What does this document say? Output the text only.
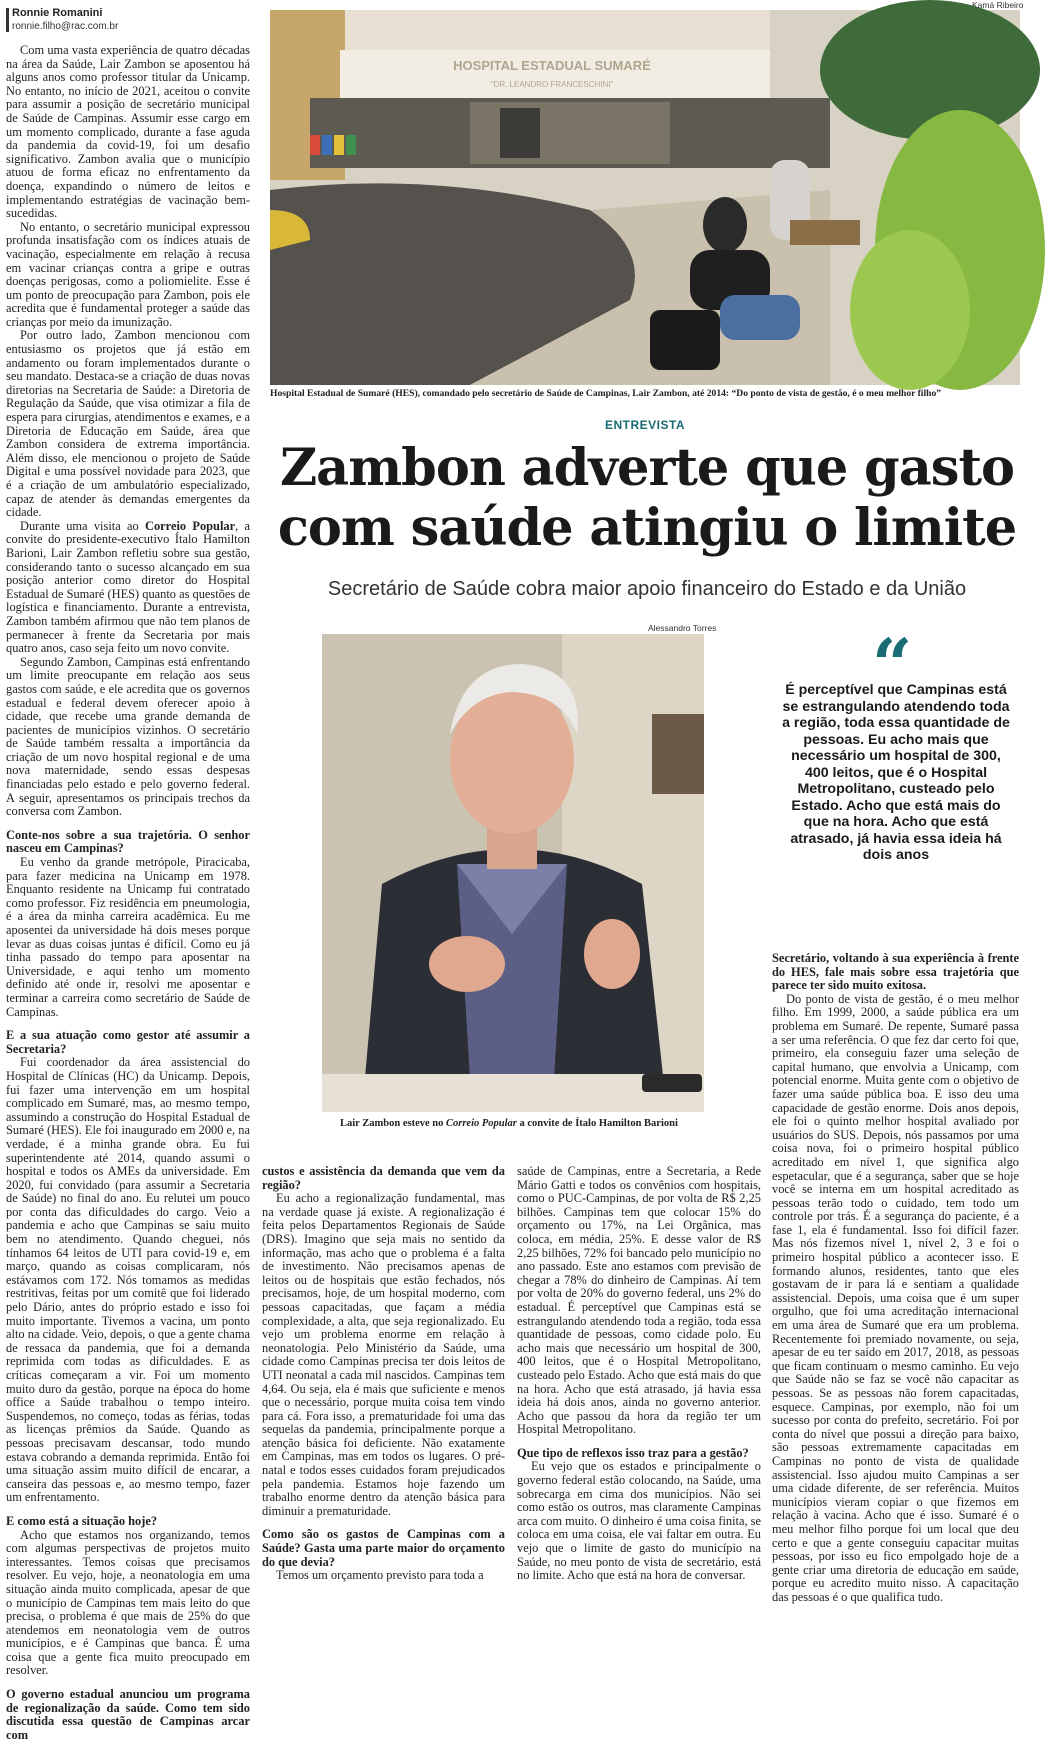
Ronnie Romanini
ronnie.filho@rac.com.br

Com uma vasta experiência de quatro décadas na área da Saúde, Lair Zambon se aposentou há alguns anos como professor titular da Unicamp. No entanto, no início de 2021, aceitou o convite para assumir a posição de secretário municipal de Saúde de Campinas. Assumir esse cargo em um momento complicado, durante a fase aguda da pandemia da covid-19, foi um desafio significativo. Zambon avalia que o município atuou de forma eficaz no enfrentamento da doença, expandindo o número de leitos e implementando estratégias de vacinação bem-sucedidas.

No entanto, o secretário municipal expressou profunda insatisfação com os índices atuais de vacinação, especialmente em relação à recusa em vacinar crianças contra a gripe e outras doenças perigosas, como a poliomielite. Esse é um ponto de preocupação para Zambon, pois ele acredita que é fundamental proteger a saúde das crianças por meio da imunização.

Por outro lado, Zambon mencionou com entusiasmo os projetos que já estão em andamento ou foram implementados durante o seu mandato. Destaca-se a criação de duas novas diretorias na Secretaria de Saúde: a Diretoria de Regulação da Saúde, que visa otimizar a fila de espera para cirurgias, atendimentos e exames, e a Diretoria de Educação em Saúde, área que Zambon considera de extrema importância. Além disso, ele mencionou o projeto de Saúde Digital e uma possível novidade para 2023, que é a criação de um ambulatório especializado, capaz de atender às demandas emergentes da cidade.

Durante uma visita ao Correio Popular, a convite do presidente-executivo Ítalo Hamilton Barioni, Lair Zambon refletiu sobre sua gestão, considerando tanto o sucesso alcançado em sua posição anterior como diretor do Hospital Estadual de Sumaré (HES) quanto as questões de logística e financiamento. Durante a entrevista, Zambon também afirmou que não tem planos de permanecer à frente da Secretaria por mais quatro anos, caso seja feito um novo convite.

Segundo Zambon, Campinas está enfrentando um limite preocupante em relação aos seus gastos com saúde, e ele acredita que os governos estadual e federal devem oferecer apoio à cidade, que recebe uma grande demanda de pacientes de municípios vizinhos. O secretário de Saúde também ressalta a importância da criação de um novo hospital regional e de uma nova maternidade, sendo essas despesas financiadas pelo estado e pelo governo federal. A seguir, apresentamos os principais trechos da conversa com Zambon.

Conte-nos sobre a sua trajetória. O senhor nasceu em Campinas?

Eu venho da grande metrópole, Piracicaba, para fazer medicina na Unicamp em 1978. Enquanto residente na Unicamp fui contratado como professor. Fiz residência em pneumologia, é a área da minha carreira acadêmica. Eu me aposentei da universidade há dois meses porque levar as duas coisas juntas é difícil. Como eu já tinha passado do tempo para aposentar na Universidade, e aqui tenho um momento definido até onde ir, resolvi me aposentar e terminar a carreira como secretário de Saúde de Campinas.

E a sua atuação como gestor até assumir a Secretaria?

Fui coordenador da área assistencial do Hospital de Clínicas (HC) da Unicamp. Depois, fui fazer uma intervenção em um hospital complicado em Sumaré, mas, ao mesmo tempo, assumindo a construção do Hospital Estadual de Sumaré (HES). Ele foi inaugurado em 2000 e, na verdade, é a minha grande obra. Eu fui superintendente até 2014, quando assumi o hospital e todos os AMEs da universidade. Em 2020, fui convidado (para assumir a Secretaria de Saúde) no final do ano. Eu relutei um pouco por conta das dificuldades do cargo. Veio a pandemia e acho que Campinas se saiu muito bem no atendimento. Quando cheguei, nós tínhamos 64 leitos de UTI para covid-19 e, em março, quando as coisas complicaram, nós estávamos com 172. Nós tomamos as medidas restritivas, feitas por um comitê que foi liderado pelo Dário, antes do próprio estado e isso foi muito importante. Tivemos a vacina, um ponto alto na cidade. Veio, depois, o que a gente chama de ressaca da pandemia, que foi a demanda reprimida com todas as dificuldades. E as críticas começaram a vir. Foi um momento muito duro da gestão, porque na época do home office a Saúde trabalhou o tempo inteiro. Suspendemos, no começo, todas as férias, todas as licenças prêmios da Saúde. Quando as pessoas precisavam descansar, todo mundo estava cobrando a demanda reprimida. Então foi uma situação assim muito difícil de encarar, a canseira das pessoas e, ao mesmo tempo, fazer um enfrentamento.

E como está a situação hoje?

Acho que estamos nos organizando, temos com algumas perspectivas de projetos muito interessantes. Temos coisas que precisamos resolver. Eu vejo, hoje, a neonatologia em uma situação ainda muito complicada, apesar de que o município de Campinas tem mais leito do que precisa, o problema é que mais de 25% do que atendemos em neonatologia vem de outros municípios, e é Campinas que banca. É uma coisa que a gente fica muito preocupado em resolver.

O governo estadual anunciou um programa de regionalização da saúde. Como tem sido discutida essa questão de Campinas arcar com

Kamá Ribeiro
HOSPITAL ESTADUAL SUMARÉ
"DR. LEANDRO FRANCESCHINI"
Hospital Estadual de Sumaré (HES), comandado pelo secretário de Saúde de Campinas, Lair Zambon, até 2014: “Do ponto de vista de gestão, é o meu melhor filho”
ENTREVISTA
Zambon adverte que gasto
com saúde atingiu o limite
Secretário de Saúde cobra maior apoio financeiro do Estado e da União
Alessandro Torres
Lair Zambon esteve no Correio Popular a convite de Ítalo Hamilton Barioni
“
É perceptível que Campinas está se estrangulando atendendo toda a região, toda essa quantidade de pessoas. Eu acho mais que necessário um hospital de 300, 400 leitos, que é o Hospital Metropolitano, custeado pelo Estado. Acho que está mais do que na hora. Acho que está atrasado, já havia essa ideia há dois anos

custos e assistência da demanda que vem da região?

Eu acho a regionalização fundamental, mas na verdade quase já existe. A regionalização é feita pelos Departamentos Regionais de Saúde (DRS). Imagino que seja mais no sentido da informação, mas acho que o problema é a falta de investimento. Não precisamos apenas de leitos ou de hospitais que estão fechados, nós precisamos, hoje, de um hospital moderno, com pessoas capacitadas, que façam a média complexidade, a alta, que seja regionalizado. Eu vejo um problema enorme em relação à neonatologia. Pelo Ministério da Saúde, uma cidade como Campinas precisa ter dois leitos de UTI neonatal a cada mil nascidos. Campinas tem 4,64. Ou seja, ela é mais que suficiente e menos que o necessário, porque muita coisa tem vindo para cá. Fora isso, a prematuridade foi uma das sequelas da pandemia, principalmente porque a atenção básica foi deficiente. Não exatamente em Campinas, mas em todos os lugares. O pré-natal e todos esses cuidados foram prejudicados pela pandemia. Estamos hoje fazendo um trabalho enorme dentro da atenção básica para diminuir a prematuridade.

Como são os gastos de Campinas com a Saúde? Gasta uma parte maior do orçamento do que devia?

Temos um orçamento previsto para toda a

saúde de Campinas, entre a Secretaria, a Rede Mário Gatti e todos os convênios com hospitais, como o PUC-Campinas, de por volta de R$ 2,25 bilhões. Campinas tem que colocar 15% do orçamento ou 17%, na Lei Orgânica, mas coloca, em média, 25%. E desse valor de R$ 2,25 bilhões, 72% foi bancado pelo município no ano passado. Este ano estamos com previsão de chegar a 78% do dinheiro de Campinas. Aí tem por volta de 20% do governo federal, uns 2% do estadual. É perceptível que Campinas está se estrangulando atendendo toda a região, toda essa quantidade de pessoas, como cidade polo. Eu acho mais que necessário um hospital de 300, 400 leitos, que é o Hospital Metropolitano, custeado pelo Estado. Acho que está mais do que na hora. Acho que está atrasado, já havia essa ideia há dois anos, ainda no governo anterior. Acho que passou da hora da região ter um Hospital Metropolitano.

Que tipo de reflexos isso traz para a gestão?

Eu vejo que os estados e principalmente o governo federal estão colocando, na Saúde, uma sobrecarga em cima dos municípios. Não sei como estão os outros, mas claramente Campinas arca com muito. O dinheiro é uma coisa finita, se coloca em uma coisa, ele vai faltar em outra. Eu vejo que o limite de gasto do município na Saúde, no meu ponto de vista de secretário, está no limite. Acho que está na hora de conversar.

Secretário, voltando à sua experiência à frente do HES, fale mais sobre essa trajetória que parece ter sido muito exitosa.

Do ponto de vista de gestão, é o meu melhor filho. Em 1999, 2000, a saúde pública era um problema em Sumaré. De repente, Sumaré passa a ser uma referência. O que fez dar certo foi que, primeiro, ela conseguiu fazer uma seleção de capital humano, que envolvia a Unicamp, com potencial enorme. Muita gente com o objetivo de fazer uma saúde pública boa. E isso deu uma capacidade de gestão enorme. Dois anos depois, ele foi o quinto melhor hospital avaliado por usuários do SUS. Depois, nós passamos por uma coisa nova, foi o primeiro hospital público acreditado em nível 1, que significa algo espetacular, que é a segurança, saber que se hoje você se interna em um hospital acreditado as pessoas terão todo o cuidado, tem todo um controle por trás. É a segurança do paciente, é a fase 1, ela é fundamental. Isso foi difícil fazer. Mas nós fizemos nível 1, nível 2, 3 e foi o primeiro hospital público a acontecer isso. E formando alunos, residentes, tanto que eles gostavam de ir para lá e sentiam a qualidade assistencial. Depois, uma coisa que é um super orgulho, que foi uma acreditação internacional em uma área de Sumaré que era um problema. Recentemente foi premiado novamente, ou seja, apesar de eu ter saído em 2017, 2018, as pessoas que ficam continuam o mesmo caminho. Eu vejo que Saúde não se faz se você não capacitar as pessoas. Se as pessoas não forem capacitadas, esquece. Campinas, por exemplo, não foi um sucesso por conta do prefeito, secretário. Foi por conta do nível que possui a direção para baixo, são pessoas extremamente capacitadas em Campinas no ponto de vista de qualidade assistencial. Isso ajudou muito Campinas a ser uma cidade diferente, de ser referência. Muitos municípios vieram copiar o que fizemos em relação à vacina. Acho que é isso. Sumaré é o meu melhor filho porque foi um local que deu certo e que a gente conseguiu capacitar muitas pessoas, por isso eu fico empolgado hoje de a gente criar uma diretoria de educação em saúde, porque eu acredito muito nisso. A capacitação das pessoas é o que qualifica tudo.
